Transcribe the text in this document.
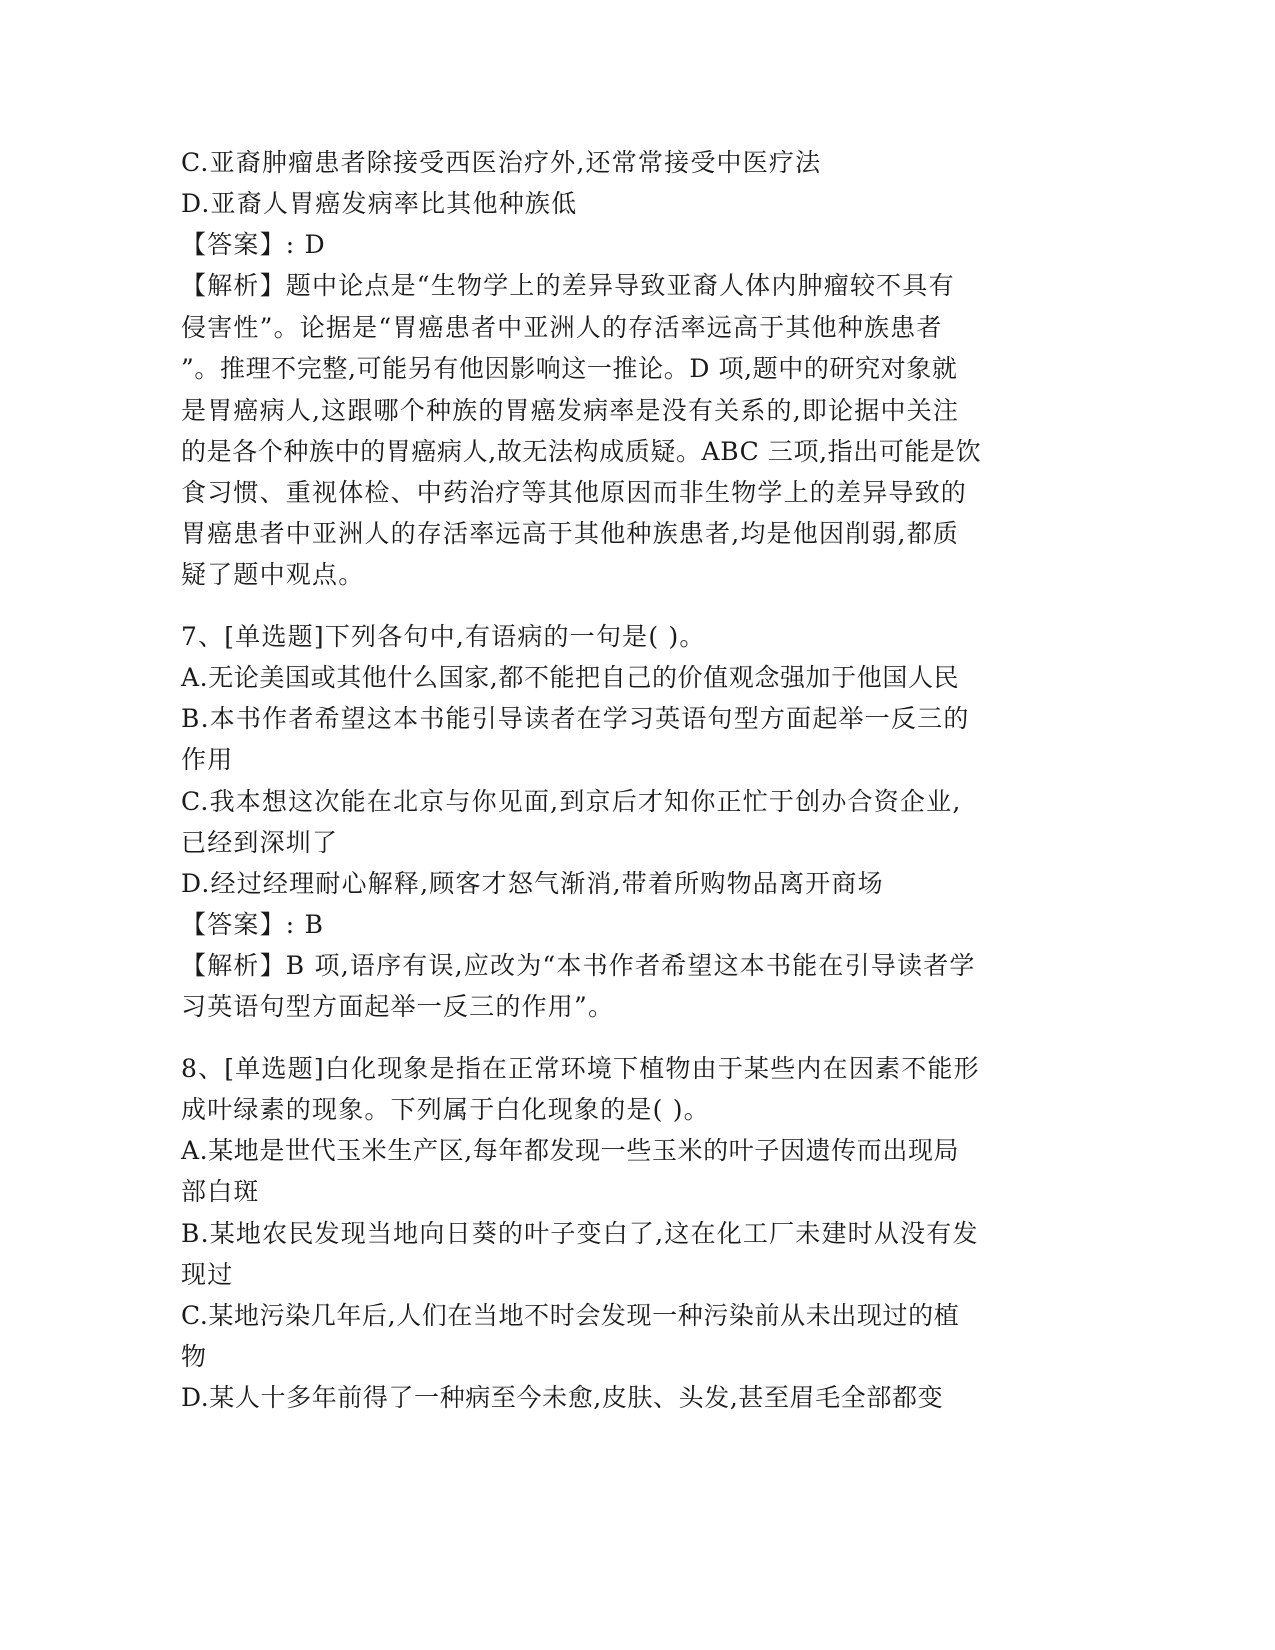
C.亚裔肿瘤患者除接受西医治疗外,还常常接受中医疗法
D.亚裔人胃癌发病率比其他种族低
【答案】: D
【解析】题中论点是“生物学上的差异导致亚裔人体内肿瘤较不具有
侵害性”。论据是“胃癌患者中亚洲人的存活率远高于其他种族患者
”。推理不完整,可能另有他因影响这一推论。D 项,题中的研究对象就
是胃癌病人,这跟哪个种族的胃癌发病率是没有关系的,即论据中关注
的是各个种族中的胃癌病人,故无法构成质疑。ABC 三项,指出可能是饮
食习惯、重视体检、中药治疗等其他原因而非生物学上的差异导致的
胃癌患者中亚洲人的存活率远高于其他种族患者,均是他因削弱,都质
疑了题中观点。
7、[单选题]下列各句中,有语病的一句是( )。
A.无论美国或其他什么国家,都不能把自己的价值观念强加于他国人民
B.本书作者希望这本书能引导读者在学习英语句型方面起举一反三的
作用
C.我本想这次能在北京与你见面,到京后才知你正忙于创办合资企业,
已经到深圳了
D.经过经理耐心解释,顾客才怒气渐消,带着所购物品离开商场
【答案】: B
【解析】B 项,语序有误,应改为“本书作者希望这本书能在引导读者学
习英语句型方面起举一反三的作用”。
8、[单选题]白化现象是指在正常环境下植物由于某些内在因素不能形
成叶绿素的现象。下列属于白化现象的是( )。
A.某地是世代玉米生产区,每年都发现一些玉米的叶子因遗传而出现局
部白斑
B.某地农民发现当地向日葵的叶子变白了,这在化工厂未建时从没有发
现过
C.某地污染几年后,人们在当地不时会发现一种污染前从未出现过的植
物
D.某人十多年前得了一种病至今未愈,皮肤、头发,甚至眉毛全部都变
